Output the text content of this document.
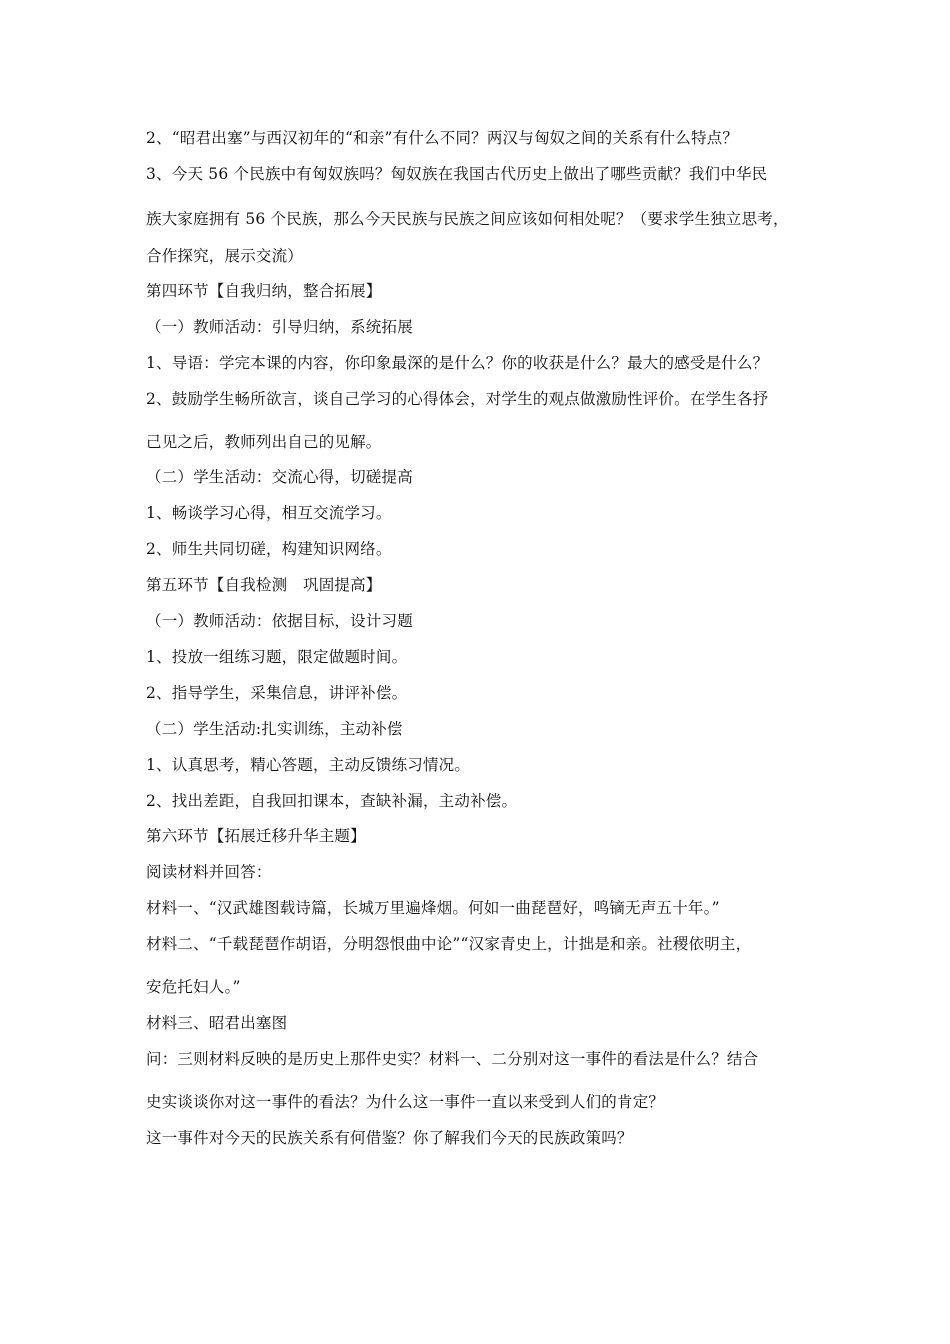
2、“昭君出塞”与西汉初年的“和亲”有什么不同？两汉与匈奴之间的关系有什么特点？
3、今天 56 个民族中有匈奴族吗？匈奴族在我国古代历史上做出了哪些贡献？我们中华民
族大家庭拥有 56 个民族，那么今天民族与民族之间应该如何相处呢？（要求学生独立思考，
合作探究，展示交流）
第四环节【自我归纳，整合拓展】
（一）教师活动：引导归纳，系统拓展
1、导语：学完本课的内容，你印象最深的是什么？你的收获是什么？最大的感受是什么？
2、鼓励学生畅所欲言，谈自己学习的心得体会，对学生的观点做激励性评价。在学生各抒
己见之后，教师列出自己的见解。
（二）学生活动：交流心得，切磋提高
1、畅谈学习心得，相互交流学习。
2、师生共同切磋，构建知识网络。
第五环节【自我检测　巩固提高】
（一）教师活动：依据目标，设计习题
1、投放一组练习题，限定做题时间。
2、指导学生，采集信息，讲评补偿。
（二）学生活动:扎实训练，主动补偿
1、认真思考，精心答题，主动反馈练习情况。
2、找出差距，自我回扣课本，查缺补漏，主动补偿。
第六环节【拓展迁移升华主题】
阅读材料并回答：
材料一、“汉武雄图载诗篇，长城万里遍烽烟。何如一曲琵琶好，鸣镝无声五十年。”
材料二、“千载琵琶作胡语，分明怨恨曲中论”“汉家青史上，计拙是和亲。社稷依明主，
安危托妇人。”
材料三、昭君出塞图
问：三则材料反映的是历史上那件史实？材料一、二分别对这一事件的看法是什么？结合
史实谈谈你对这一事件的看法？为什么这一事件一直以来受到人们的肯定？
这一事件对今天的民族关系有何借鉴？你了解我们今天的民族政策吗？
